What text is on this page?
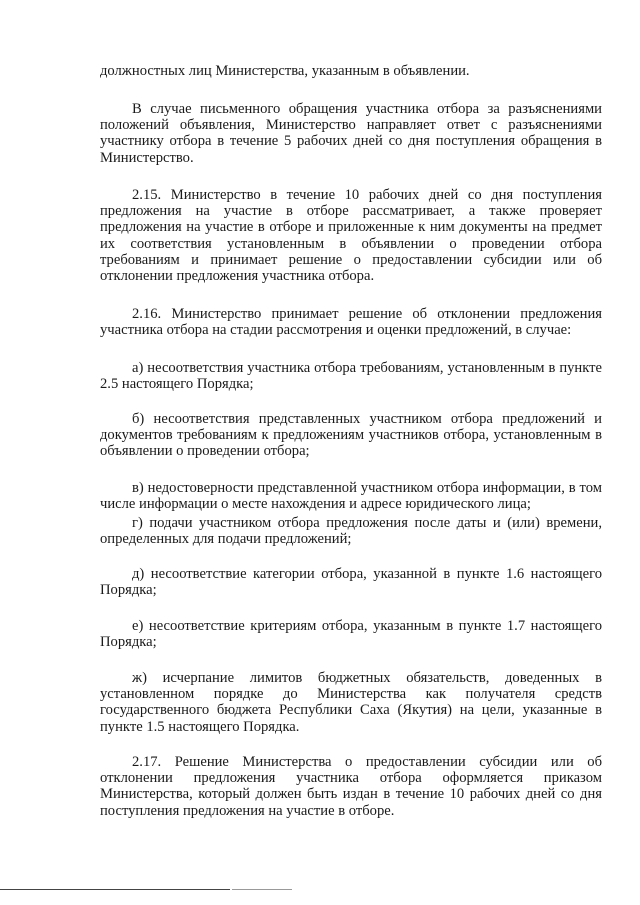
должностных лиц Министерства, указанным в объявлении.

В случае письменного обращения участника отбора за разъяснениями положений объявления, Министерство направляет ответ с разъяснениями участнику отбора в течение 5 рабочих дней со дня поступления обращения в Министерство.

2.15. Министерство в течение 10 рабочих дней со дня поступления предложения на участие в отборе рассматривает, а также проверяет предложения на участие в отборе и приложенные к ним документы на предмет их соответствия установленным в объявлении о проведении отбора требованиям и принимает решение о предоставлении субсидии или об отклонении предложения участника отбора.

2.16. Министерство принимает решение об отклонении предложения участника отбора на стадии рассмотрения и оценки предложений, в случае:

а) несоответствия участника отбора требованиям, установленным в пункте 2.5 настоящего Порядка;

б) несоответствия представленных участником отбора предложений и документов требованиям к предложениям участников отбора, установленным в объявлении о проведении отбора;

в) недостоверности представленной участником отбора информации, в том числе информации о месте нахождения и адресе юридического лица;

г) подачи участником отбора предложения после даты и (или) времени, определенных для подачи предложений;

д) несоответствие категории отбора, указанной в пункте 1.6 настоящего Порядка;

е) несоответствие критериям отбора, указанным в пункте 1.7 настоящего Порядка;

ж) исчерпание лимитов бюджетных обязательств, доведенных в установленном порядке до Министерства как получателя средств государственного бюджета Республики Саха (Якутия) на цели, указанные в пункте 1.5 настоящего Порядка.

2.17. Решение Министерства о предоставлении субсидии или об отклонении предложения участника отбора оформляется приказом Министерства, который должен быть издан в течение 10 рабочих дней со дня поступления предложения на участие в отборе.
